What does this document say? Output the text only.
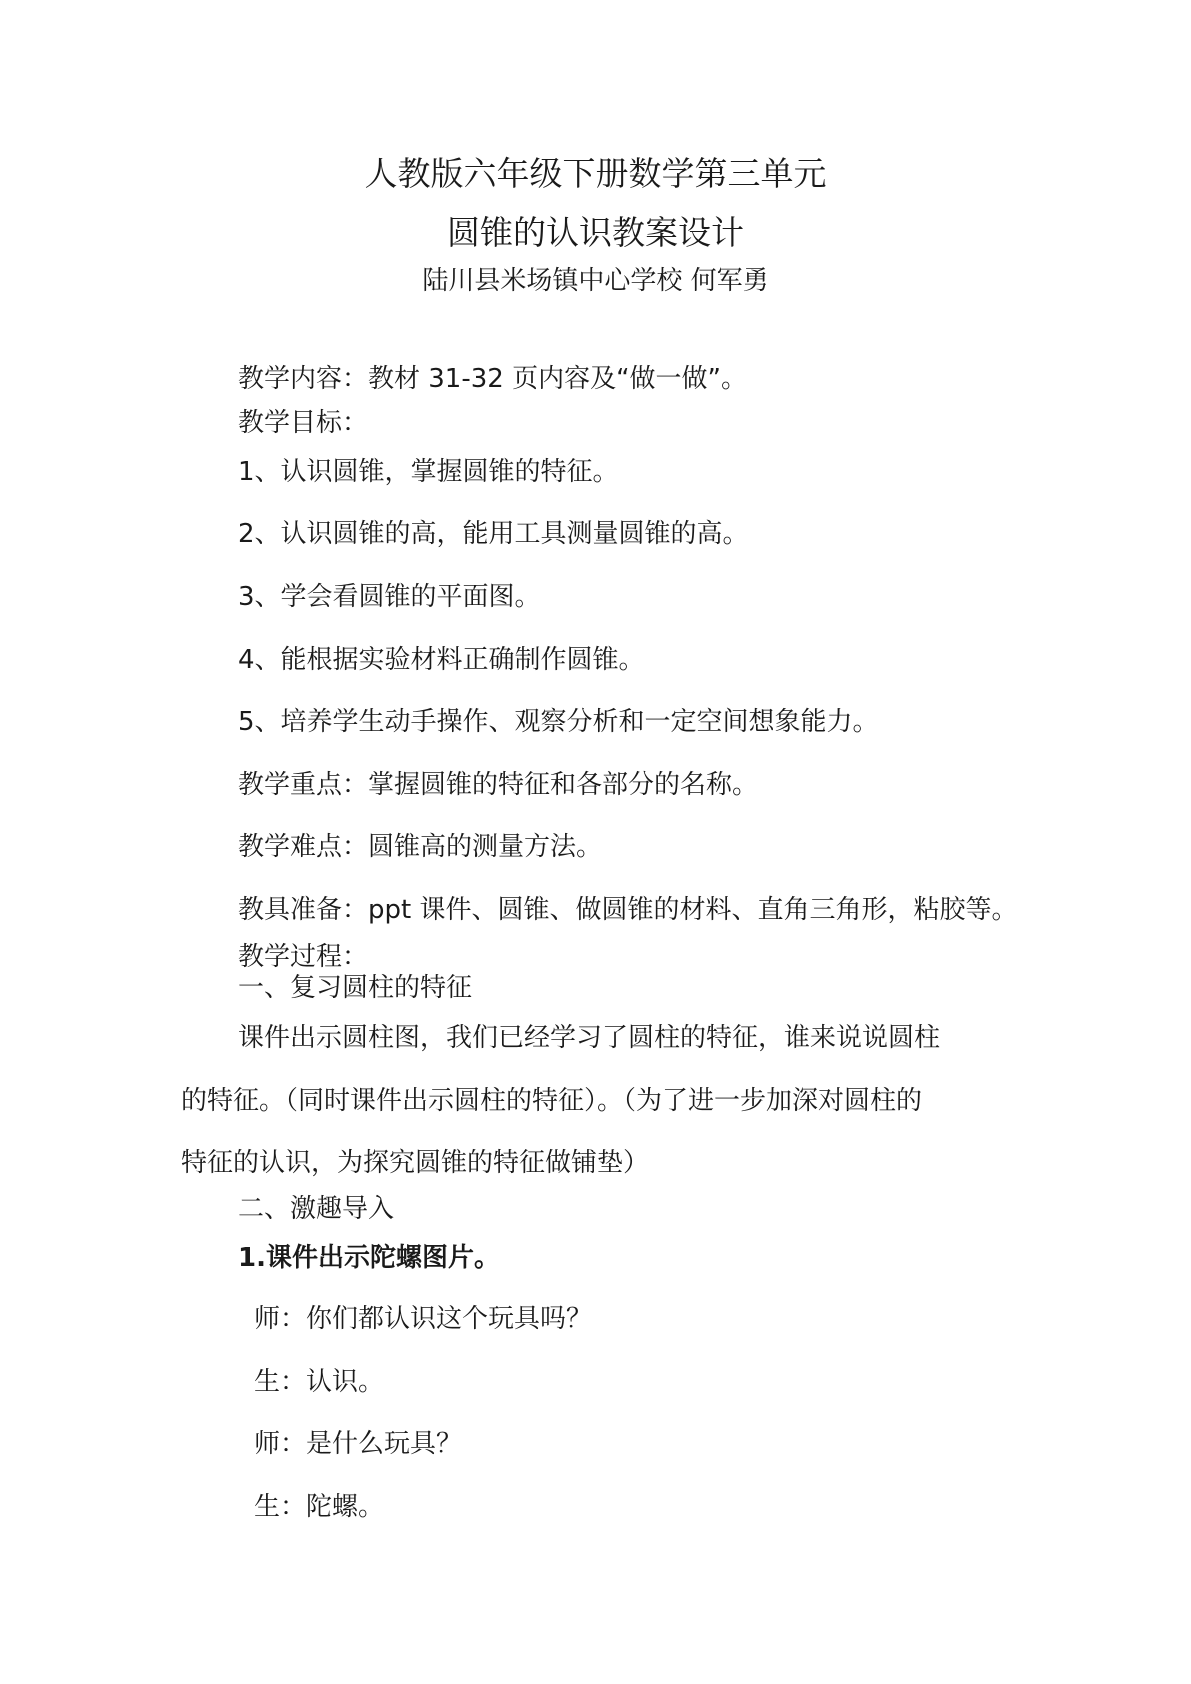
人教版六年级下册数学第三单元
圆锥的认识教案设计
陆川县米场镇中心学校 何军勇
教学内容：教材 31-32 页内容及“做一做”。
教学目标：
1、认识圆锥，掌握圆锥的特征。
2、认识圆锥的高，能用工具测量圆锥的高。
3、学会看圆锥的平面图。
4、能根据实验材料正确制作圆锥。
5、培养学生动手操作、观察分析和一定空间想象能力。
教学重点：掌握圆锥的特征和各部分的名称。
教学难点：圆锥高的测量方法。
教具准备：ppt 课件、圆锥、做圆锥的材料、直角三角形，粘胶等。
教学过程：
一、复习圆柱的特征
课件出示圆柱图，我们已经学习了圆柱的特征，谁来说说圆柱
的特征。（同时课件出示圆柱的特征）。（为了进一步加深对圆柱的
特征的认识，为探究圆锥的特征做铺垫）
二、激趣导入
1.课件出示陀螺图片。
师：你们都认识这个玩具吗？
生：认识。
师：是什么玩具？
生：陀螺。
